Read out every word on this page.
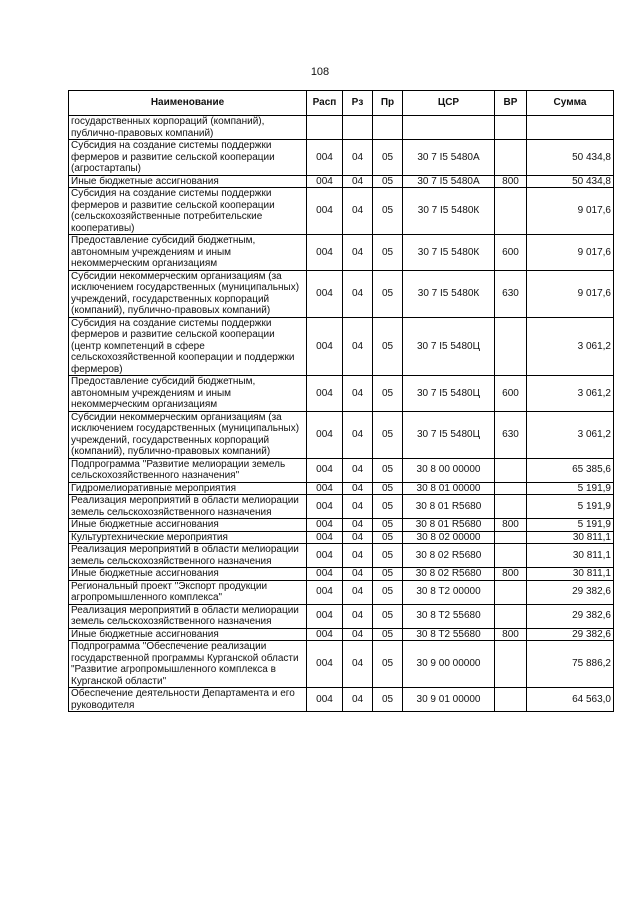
108
Наименование	Расп	Рз	Пр	ЦСР	ВР	Сумма
государственных корпораций (компаний), публично-правовых компаний)						
Субсидия на создание системы поддержки фермеров и развитие сельской кооперации (агростартапы)	004	04	05	30 7 I5 5480А		50 434,8
Иные бюджетные ассигнования	004	04	05	30 7 I5 5480А	800	50 434,8
Субсидия на создание системы поддержки фермеров и развитие сельской кооперации (сельскохозяйственные потребительские кооперативы)	004	04	05	30 7 I5 5480К		9 017,6
Предоставление субсидий бюджетным, автономным учреждениям и иным некоммерческим организациям	004	04	05	30 7 I5 5480К	600	9 017,6
Субсидии некоммерческим организациям (за исключением государственных (муниципальных) учреждений, государственных корпораций (компаний), публично-правовых компаний)	004	04	05	30 7 I5 5480К	630	9 017,6
Субсидия на создание системы поддержки фермеров и развитие сельской кооперации (центр компетенций в сфере сельскохозяйственной кооперации и поддержки фермеров)	004	04	05	30 7 I5 5480Ц		3 061,2
Предоставление субсидий бюджетным, автономным учреждениям и иным некоммерческим организациям	004	04	05	30 7 I5 5480Ц	600	3 061,2
Субсидии некоммерческим организациям (за исключением государственных (муниципальных) учреждений, государственных корпораций (компаний), публично-правовых компаний)	004	04	05	30 7 I5 5480Ц	630	3 061,2
Подпрограмма "Развитие мелиорации земель сельскохозяйственного назначения"	004	04	05	30 8 00 00000		65 385,6
Гидромелиоративные мероприятия	004	04	05	30 8 01 00000		5 191,9
Реализация мероприятий в области мелиорации земель сельскохозяйственного назначения	004	04	05	30 8 01 R5680		5 191,9
Иные бюджетные ассигнования	004	04	05	30 8 01 R5680	800	5 191,9
Культуртехнические мероприятия	004	04	05	30 8 02 00000		30 811,1
Реализация мероприятий в области мелиорации земель сельскохозяйственного назначения	004	04	05	30 8 02 R5680		30 811,1
Иные бюджетные ассигнования	004	04	05	30 8 02 R5680	800	30 811,1
Региональный проект "Экспорт продукции агропромышленного комплекса"	004	04	05	30 8 T2 00000		29 382,6
Реализация мероприятий в области мелиорации земель сельскохозяйственного назначения	004	04	05	30 8 T2 55680		29 382,6
Иные бюджетные ассигнования	004	04	05	30 8 T2 55680	800	29 382,6
Подпрограмма "Обеспечение реализации государственной программы Курганской области "Развитие агропромышленного комплекса в Курганской области"	004	04	05	30 9 00 00000		75 886,2
Обеспечение деятельности Департамента и его руководителя	004	04	05	30 9 01 00000		64 563,0
